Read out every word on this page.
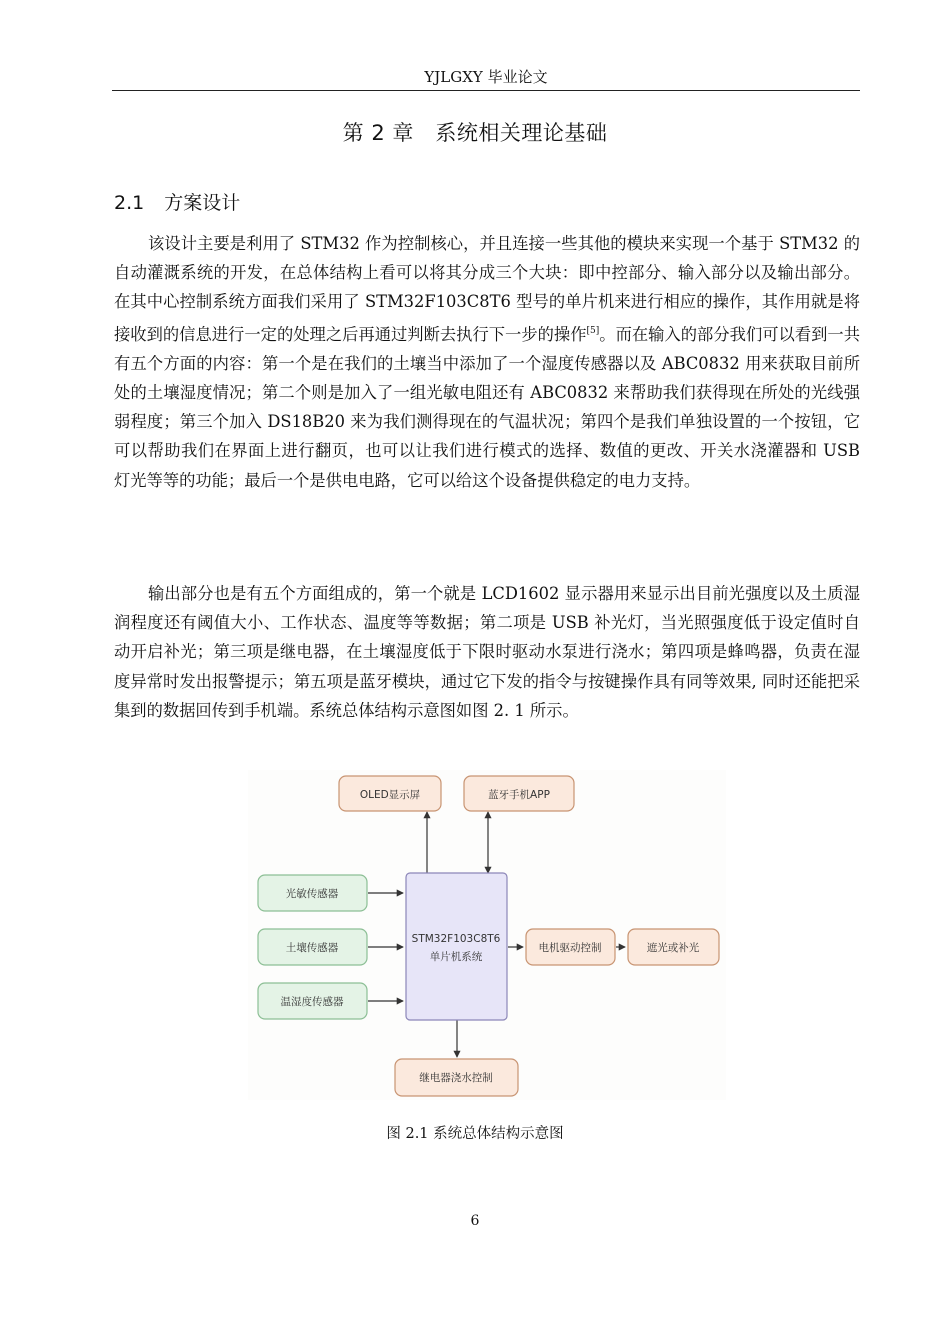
YJLGXY 毕业论文
第 2 章　系统相关理论基础
2.1 方案设计

该设计主要是利用了 STM32 作为控制核心，并且连接一些其他的模块来实现一个基于 STM32 的自动灌溉系统的开发，在总体结构上看可以将其分成三个大块：即中控部分、输入部分以及输出部分。在其中心控制系统方面我们采用了 STM32F103C8T6 型号的单片机来进行相应的操作，其作用就是将接收到的信息进行一定的处理之后再通过判断去执行下一步的操作[5]。而在输入的部分我们可以看到一共有五个方面的内容：第一个是在我们的土壤当中添加了一个湿度传感器以及 ABC0832 用来获取目前所处的土壤湿度情况；第二个则是加入了一组光敏电阻还有 ABC0832 来帮助我们获得现在所处的光线强弱程度；第三个加入 DS18B20 来为我们测得现在的气温状况；第四个是我们单独设置的一个按钮，它可以帮助我们在界面上进行翻页，也可以让我们进行模式的选择、数值的更改、开关水浇灌器和 USB 灯光等等的功能；最后一个是供电电路，它可以给这个设备提供稳定的电力支持。

输出部分也是有五个方面组成的，第一个就是 LCD1602 显示器用来显示出目前光强度以及土质湿润程度还有阈值大小、工作状态、温度等等数据；第二项是 USB 补光灯，当光照强度低于设定值时自动开启补光；第三项是继电器，在土壤湿度低于下限时驱动水泵进行浇水；第四项是蜂鸣器，负责在湿度异常时发出报警提示；第五项是蓝牙模块，通过它下发的指令与按键操作具有同等效果, 同时还能把采集到的数据回传到手机端。系统总体结构示意图如图 2. 1 所示。

OLED显示屏	蓝牙手机APP
光敏传感器
土壤传感器
温湿度传感器
STM32F103C8T6
单片机系统
电机驱动控制	遮光或补光
继电器浇水控制
图 2.1 系统总体结构示意图
6
